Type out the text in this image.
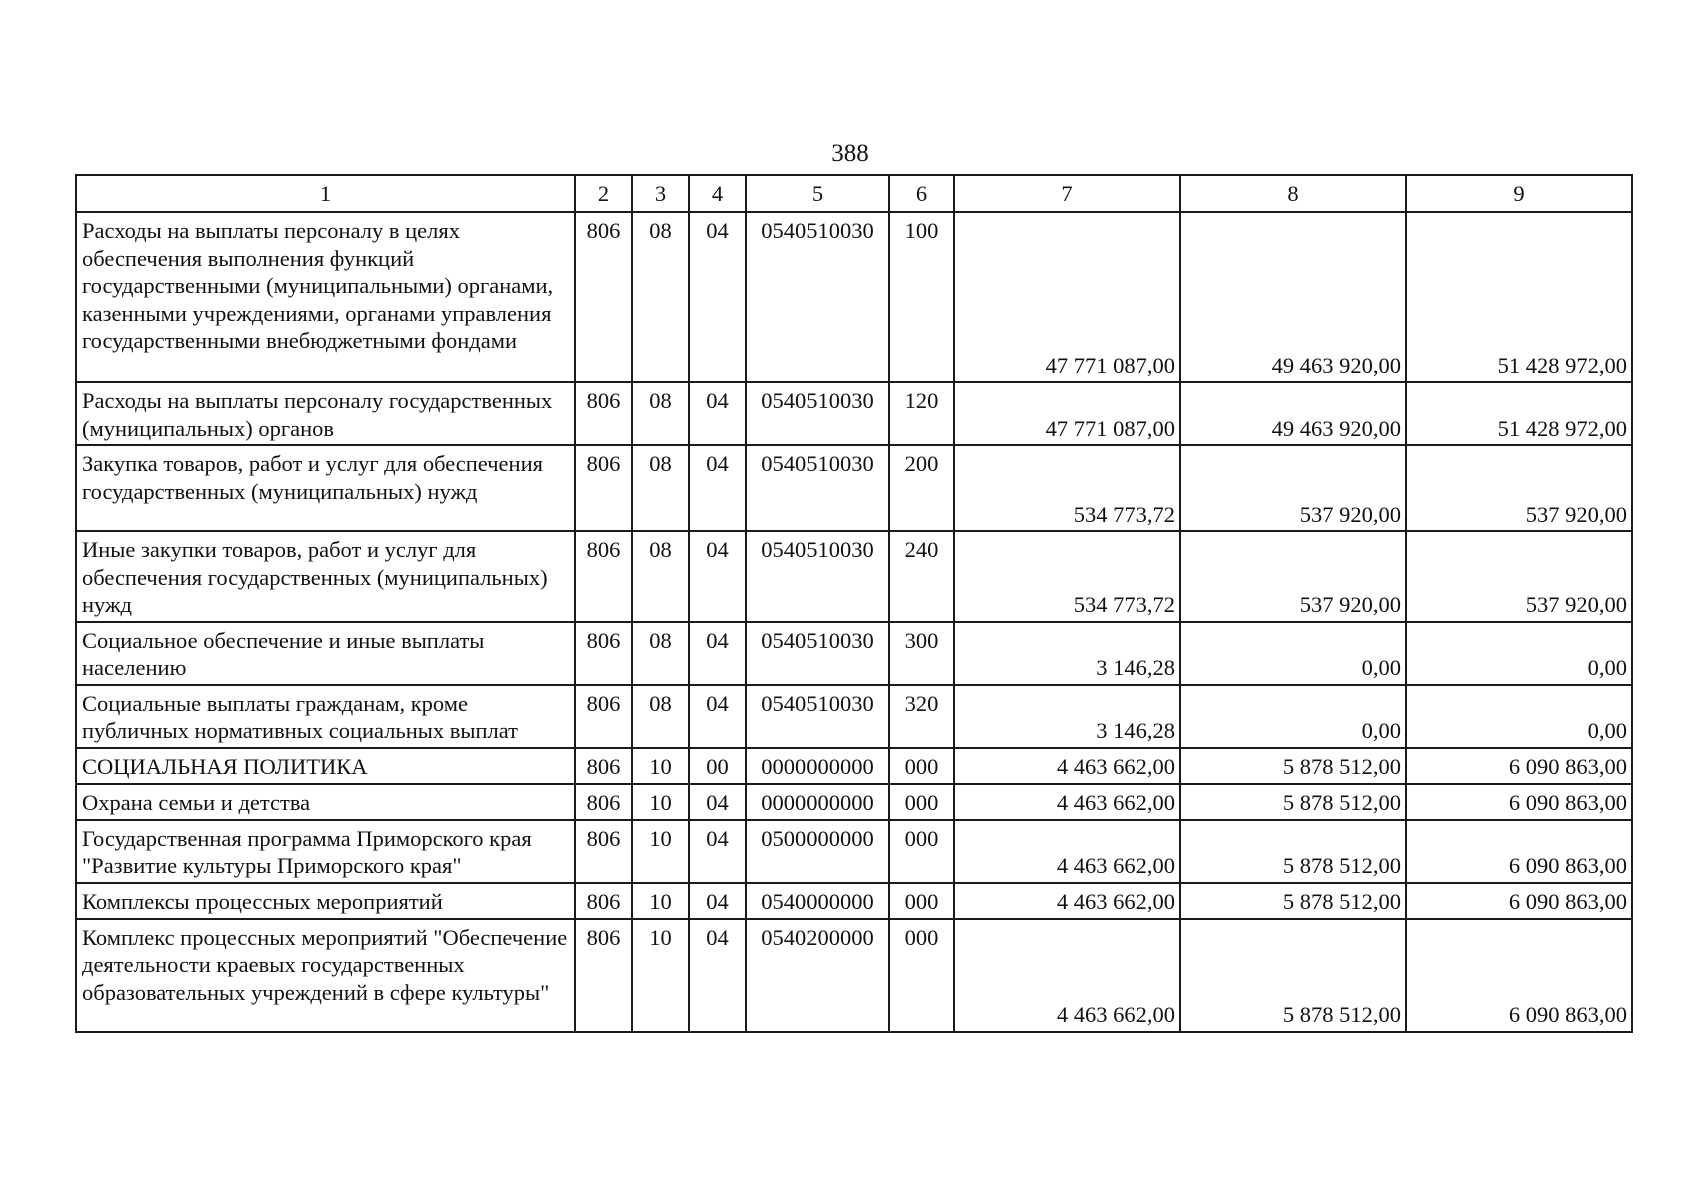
388
1	2	3	4	5	6	7	8	9
Расходы на выплаты персоналу в целях обеспечения выполнения функций государственными (муниципальными) органами, казенными учреждениями, органами управления государственными внебюджетными фондами	806	08	04	0540510030	100	47 771 087,00	49 463 920,00	51 428 972,00
Расходы на выплаты персоналу государственных (муниципальных) органов	806	08	04	0540510030	120	47 771 087,00	49 463 920,00	51 428 972,00
Закупка товаров, работ и услуг для обеспечения государственных (муниципальных) нужд	806	08	04	0540510030	200	534 773,72	537 920,00	537 920,00
Иные закупки товаров, работ и услуг для обеспечения государственных (муниципальных) нужд	806	08	04	0540510030	240	534 773,72	537 920,00	537 920,00
Социальное обеспечение и иные выплаты населению	806	08	04	0540510030	300	3 146,28	0,00	0,00
Социальные выплаты гражданам, кроме публичных нормативных социальных выплат	806	08	04	0540510030	320	3 146,28	0,00	0,00
СОЦИАЛЬНАЯ ПОЛИТИКА	806	10	00	0000000000	000	4 463 662,00	5 878 512,00	6 090 863,00
Охрана семьи и детства	806	10	04	0000000000	000	4 463 662,00	5 878 512,00	6 090 863,00
Государственная программа Приморского края "Развитие культуры Приморского края"	806	10	04	0500000000	000	4 463 662,00	5 878 512,00	6 090 863,00
Комплексы процессных мероприятий	806	10	04	0540000000	000	4 463 662,00	5 878 512,00	6 090 863,00
Комплекс процессных мероприятий "Обеспечение деятельности краевых государственных образовательных учреждений в сфере культуры"	806	10	04	0540200000	000	4 463 662,00	5 878 512,00	6 090 863,00
